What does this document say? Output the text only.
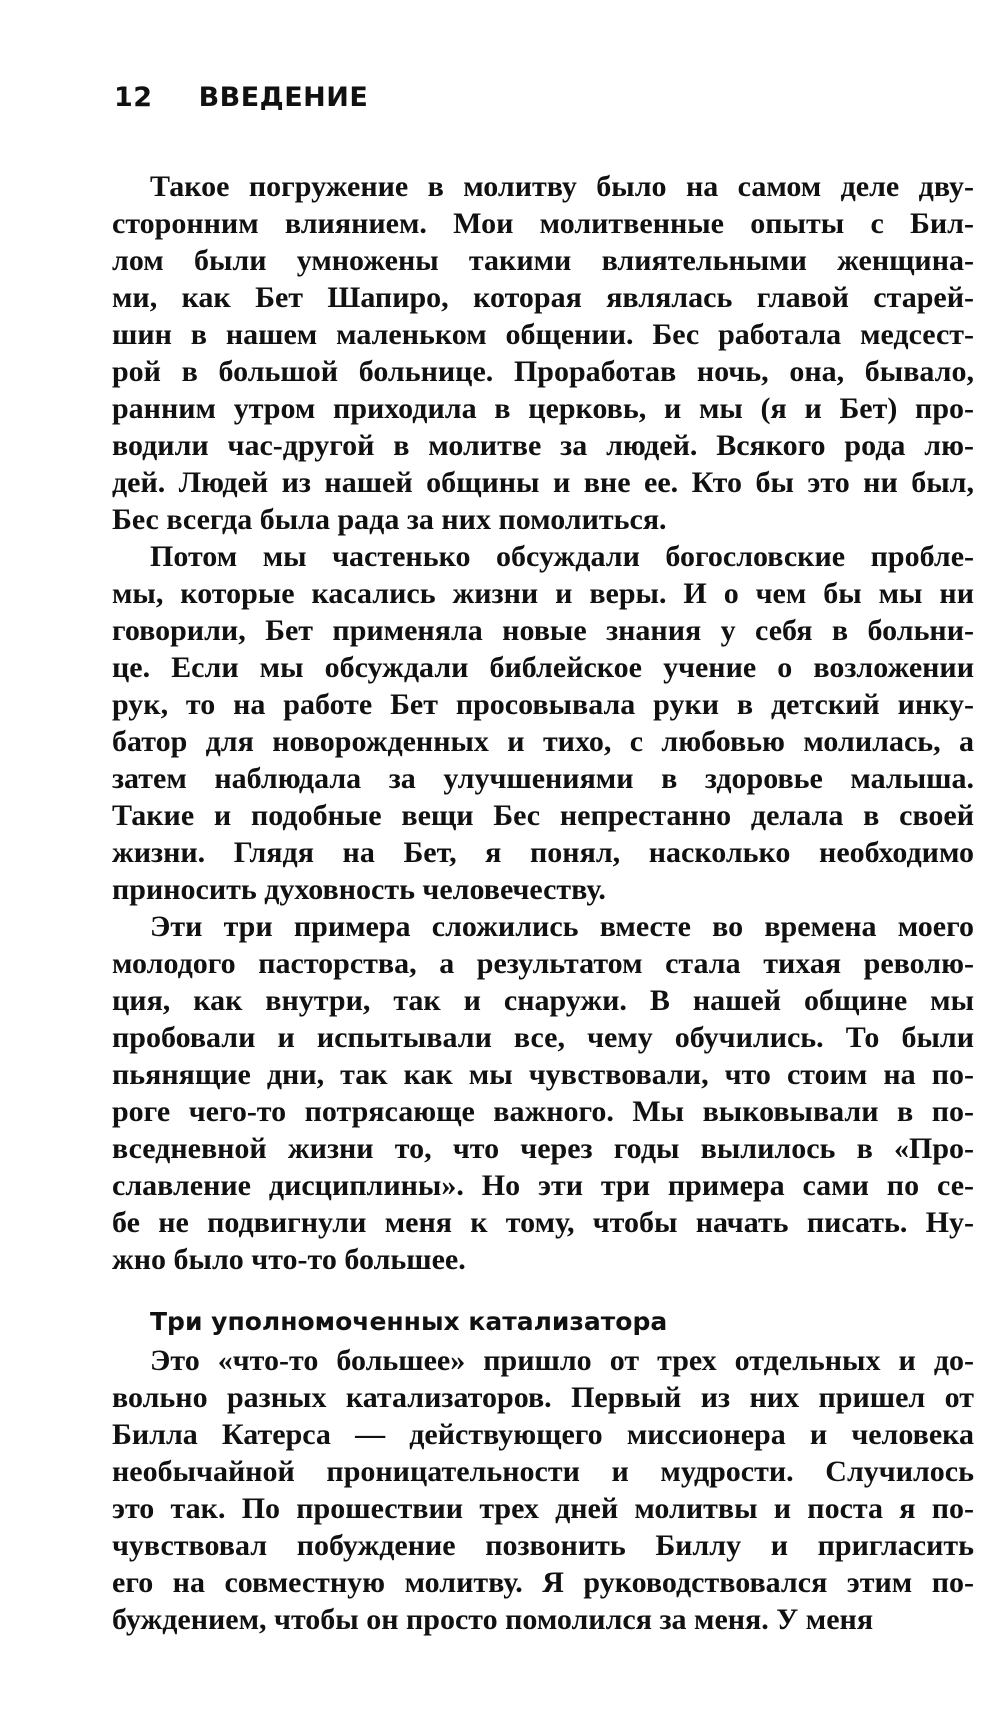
12 ВВЕДЕНИЕ
Такое погружение в молитву было на самом деле дву-
сторонним влиянием. Мои молитвенные опыты с Бил-
лом были умножены такими влиятельными женщина-
ми, как Бет Шапиро, которая являлась главой старей-
шин в нашем маленьком общении. Бес работала медсест-
рой в большой больнице. Проработав ночь, она, бывало,
ранним утром приходила в церковь, и мы (я и Бет) про-
водили час-другой в молитве за людей. Всякого рода лю-
дей. Людей из нашей общины и вне ее. Кто бы это ни был,
Бес всегда была рада за них помолиться.
Потом мы частенько обсуждали богословские пробле-
мы, которые касались жизни и веры. И о чем бы мы ни
говорили, Бет применяла новые знания у себя в больни-
це. Если мы обсуждали библейское учение о возложении
рук, то на работе Бет просовывала руки в детский инку-
батор для новорожденных и тихо, с любовью молилась, а
затем наблюдала за улучшениями в здоровье малыша.
Такие и подобные вещи Бес непрестанно делала в своей
жизни. Глядя на Бет, я понял, насколько необходимо
приносить духовность человечеству.
Эти три примера сложились вместе во времена моего
молодого пасторства, а результатом стала тихая револю-
ция, как внутри, так и снаружи. В нашей общине мы
пробовали и испытывали все, чему обучились. То были
пьянящие дни, так как мы чувствовали, что стоим на по-
роге чего-то потрясающе важного. Мы выковывали в по-
вседневной жизни то, что через годы вылилось в «Про-
славление дисциплины». Но эти три примера сами по се-
бе не подвигнули меня к тому, чтобы начать писать. Ну-
жно было что-то большее.
Три уполномоченных катализатора
Это «что-то большее» пришло от трех отдельных и до-
вольно разных катализаторов. Первый из них пришел от
Билла Катерса — действующего миссионера и человека
необычайной проницательности и мудрости. Случилось
это так. По прошествии трех дней молитвы и поста я по-
чувствовал побуждение позвонить Биллу и пригласить
его на совместную молитву. Я руководствовался этим по-
буждением, чтобы он просто помолился за меня. У меня
